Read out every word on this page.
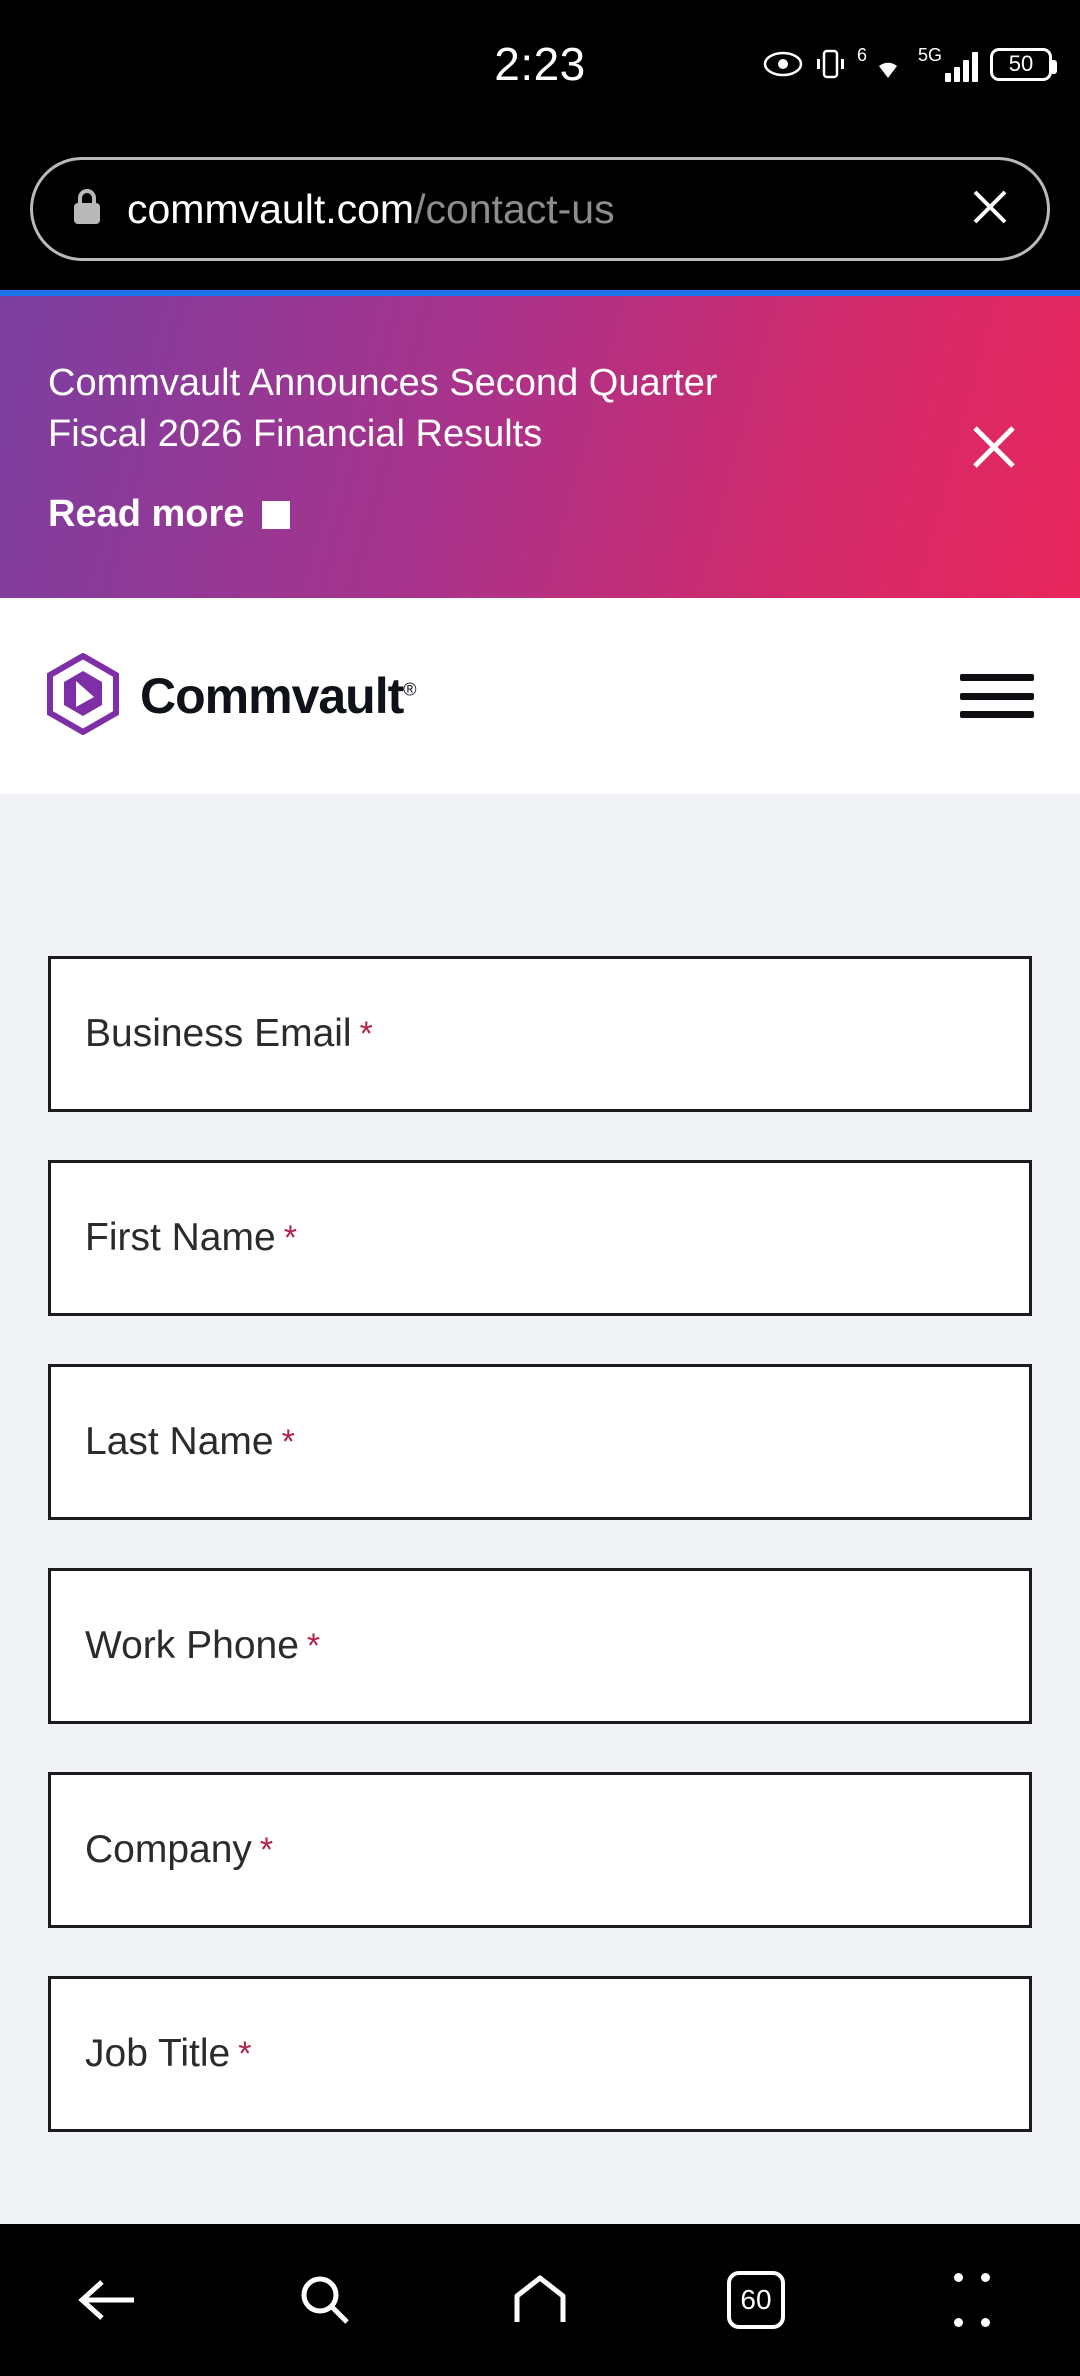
2:23	6	5G	50
commvault.com/contact-us
Commvault Announces Second Quarter Fiscal 2026 Financial Results
Read more
Commvault®
Business Email *
First Name *
Last Name *
Work Phone *
Company *
Job Title *
60
